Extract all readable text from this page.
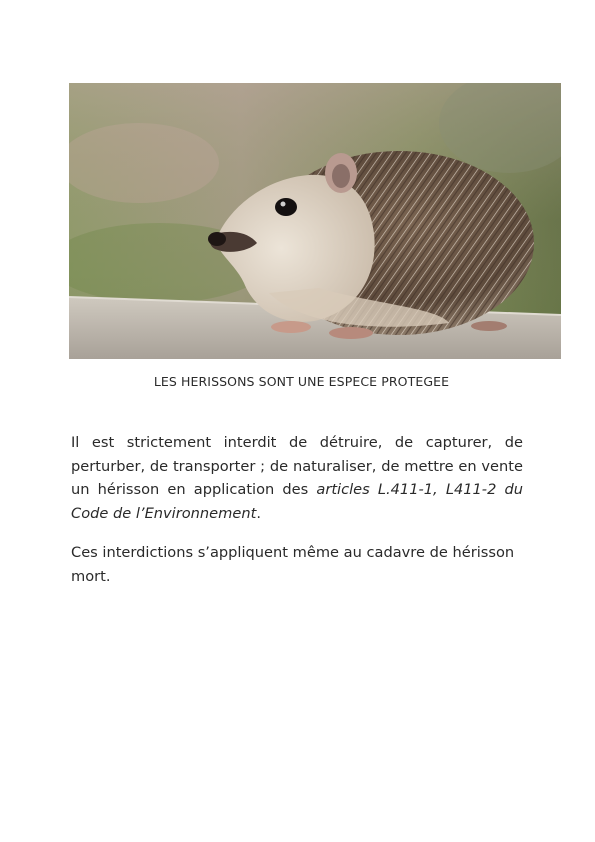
LES HERISSONS SONT UNE ESPECE PROTEGEE

Il est strictement interdit de détruire, de capturer, de perturber, de transporter ; de naturaliser, de mettre en vente un hérisson en application des articles L.411-1, L411-2 du Code de l’Environnement.

Ces interdictions s’appliquent même au cadavre de hérisson mort.
